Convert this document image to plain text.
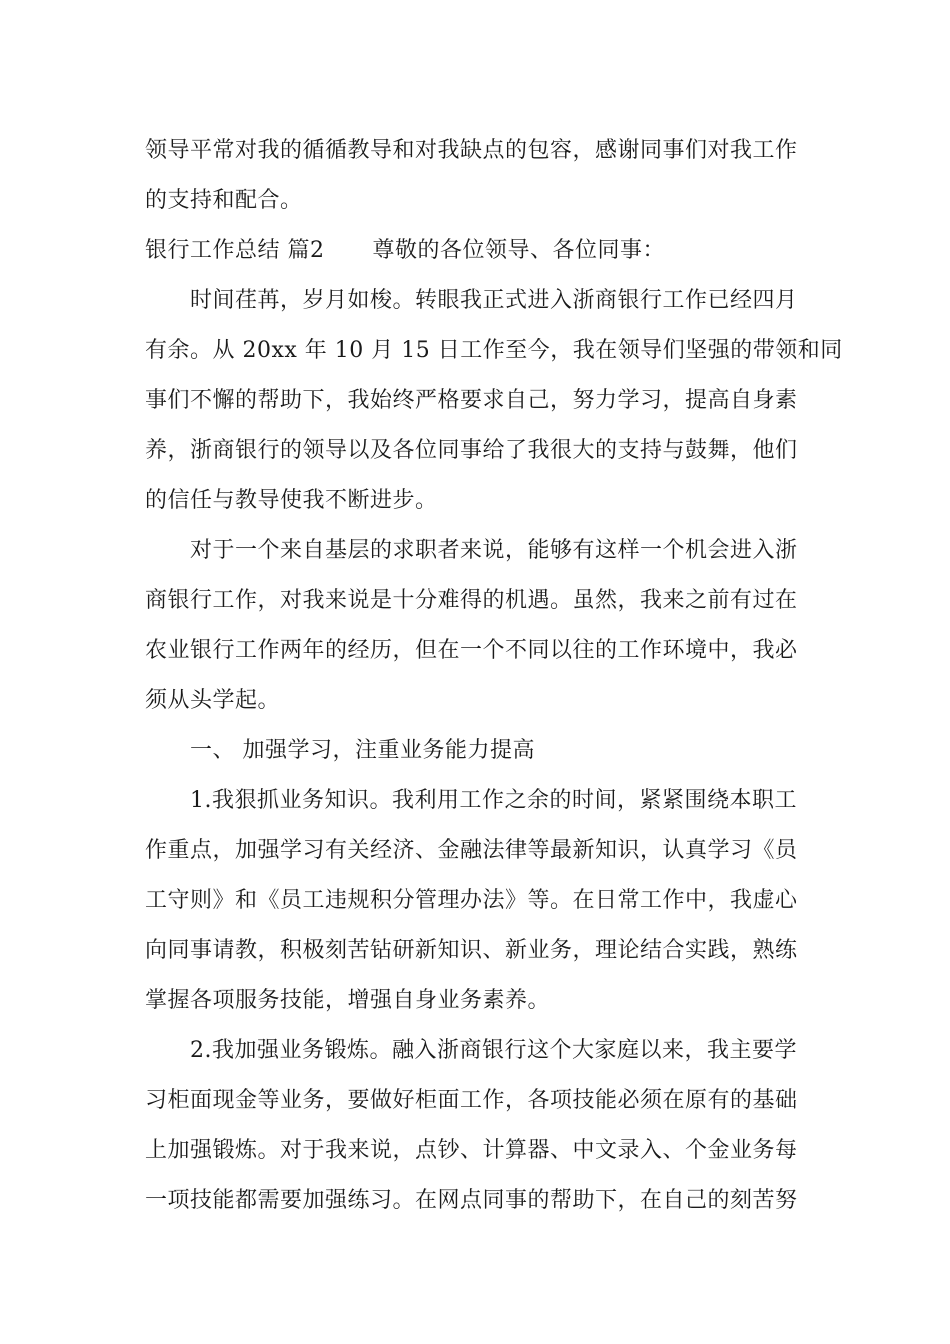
领导平常对我的循循教导和对我缺点的包容，感谢同事们对我工作
的支持和配合。
银行工作总结 篇2 尊敬的各位领导、各位同事：
时间荏苒，岁月如梭。转眼我正式进入浙商银行工作已经四月
有余。从 20xx 年 10 月 15 日工作至今，我在领导们坚强的带领和同
事们不懈的帮助下，我始终严格要求自己，努力学习，提高自身素
养，浙商银行的领导以及各位同事给了我很大的支持与鼓舞，他们
的信任与教导使我不断进步。
对于一个来自基层的求职者来说，能够有这样一个机会进入浙
商银行工作，对我来说是十分难得的机遇。虽然，我来之前有过在
农业银行工作两年的经历，但在一个不同以往的工作环境中，我必
须从头学起。
一、 加强学习，注重业务能力提高
1.我狠抓业务知识。我利用工作之余的时间，紧紧围绕本职工
作重点，加强学习有关经济、金融法律等最新知识，认真学习《员
工守则》和《员工违规积分管理办法》等。在日常工作中，我虚心
向同事请教，积极刻苦钻研新知识、新业务，理论结合实践，熟练
掌握各项服务技能，增强自身业务素养。
2.我加强业务锻炼。融入浙商银行这个大家庭以来，我主要学
习柜面现金等业务，要做好柜面工作，各项技能必须在原有的基础
上加强锻炼。对于我来说，点钞、计算器、中文录入、个金业务每
一项技能都需要加强练习。在网点同事的帮助下，在自己的刻苦努
